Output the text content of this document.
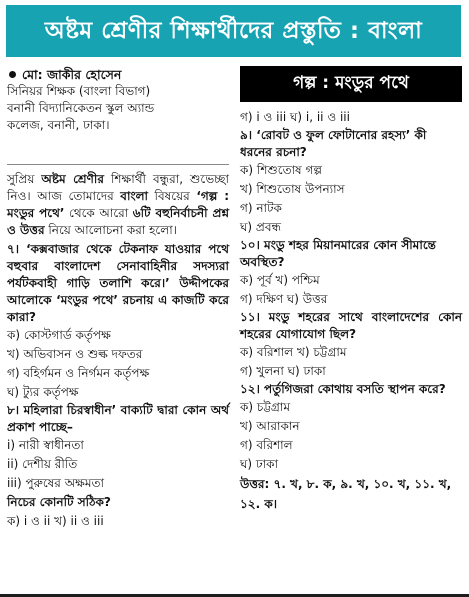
অষ্টম শ্রেণীর শিক্ষার্থীদের প্রস্তুতি : বাংলা
মো: জাকীর হোসেন
সিনিয়র শিক্ষক (বাংলা বিভাগ)
বনানী বিদ্যানিকেতন স্কুল অ্যান্ড
কলেজ, বনানী, ঢাকা।
সুপ্রিয় অষ্টম শ্রেণীর শিক্ষার্থী বন্ধুরা, শুভেচ্ছা নিও। আজ তোমাদের বাংলা বিষয়ের ‘গল্প : মংডুর পথে’ থেকে আরো ৬টি বহুনির্বাচনী প্রশ্ন ও উত্তর নিয়ে আলোচনা করা হলো।
৭। ‘কক্সবাজার থেকে টেকনাফ যাওয়ার পথে বহুবার বাংলাদেশ সেনাবাহিনীর সদস্যরা পর্যটকবাহী গাড়ি তলাশি করে।’ উদ্দীপকের আলোকে ‘মংডুর পথে’ রচনায় এ কাজটি করে কারা?
ক) কোস্টগার্ড কর্তৃপক্ষ
খ) অভিবাসন ও শুল্ক দফতর
গ) বহির্গমন ও নির্গমন কর্তৃপক্ষ
ঘ) ট্যুর কর্তৃপক্ষ
৮। মহিলারা চিরস্বাধীন’ বাক্যটি দ্বারা কোন অর্থ প্রকাশ পাচ্ছে–
i) নারী স্বাধীনতা
ii) দেশীয় রীতি
iii) পুরুষের অক্ষমতা
নিচের কোনটি সঠিক?
ক) i ও ii খ) ii ও iii
গল্প : মংডুর পথে
গ) i ও iii ঘ) i, ii ও iii
৯। ‘রোবট ও ফুল ফোটানোর রহস্য’ কী ধরনের রচনা?
ক) শিশুতোষ গল্প
খ) শিশুতোষ উপন্যাস
গ) নাটক
ঘ) প্রবন্ধ
১০। মংডু শহর মিয়ানমারের কোন সীমান্তে অবস্থিত?
ক) পূর্ব খ) পশ্চিম
গ) দক্ষিণ ঘ) উত্তর
১১। মংডু শহরের সাথে বাংলাদেশের কোন শহরের যোগাযোগ ছিল?
ক) বরিশাল খ) চট্টগ্রাম
গ) খুলনা ঘ) ঢাকা
১২। পর্তুগিজরা কোথায় বসতি স্থাপন করে?
ক) চট্টগ্রাম
খ) আরাকান
গ) বরিশাল
ঘ) ঢাকা
উত্তর: ৭. খ, ৮. ক, ৯. খ, ১০. খ, ১১. খ, ১২. ক।
